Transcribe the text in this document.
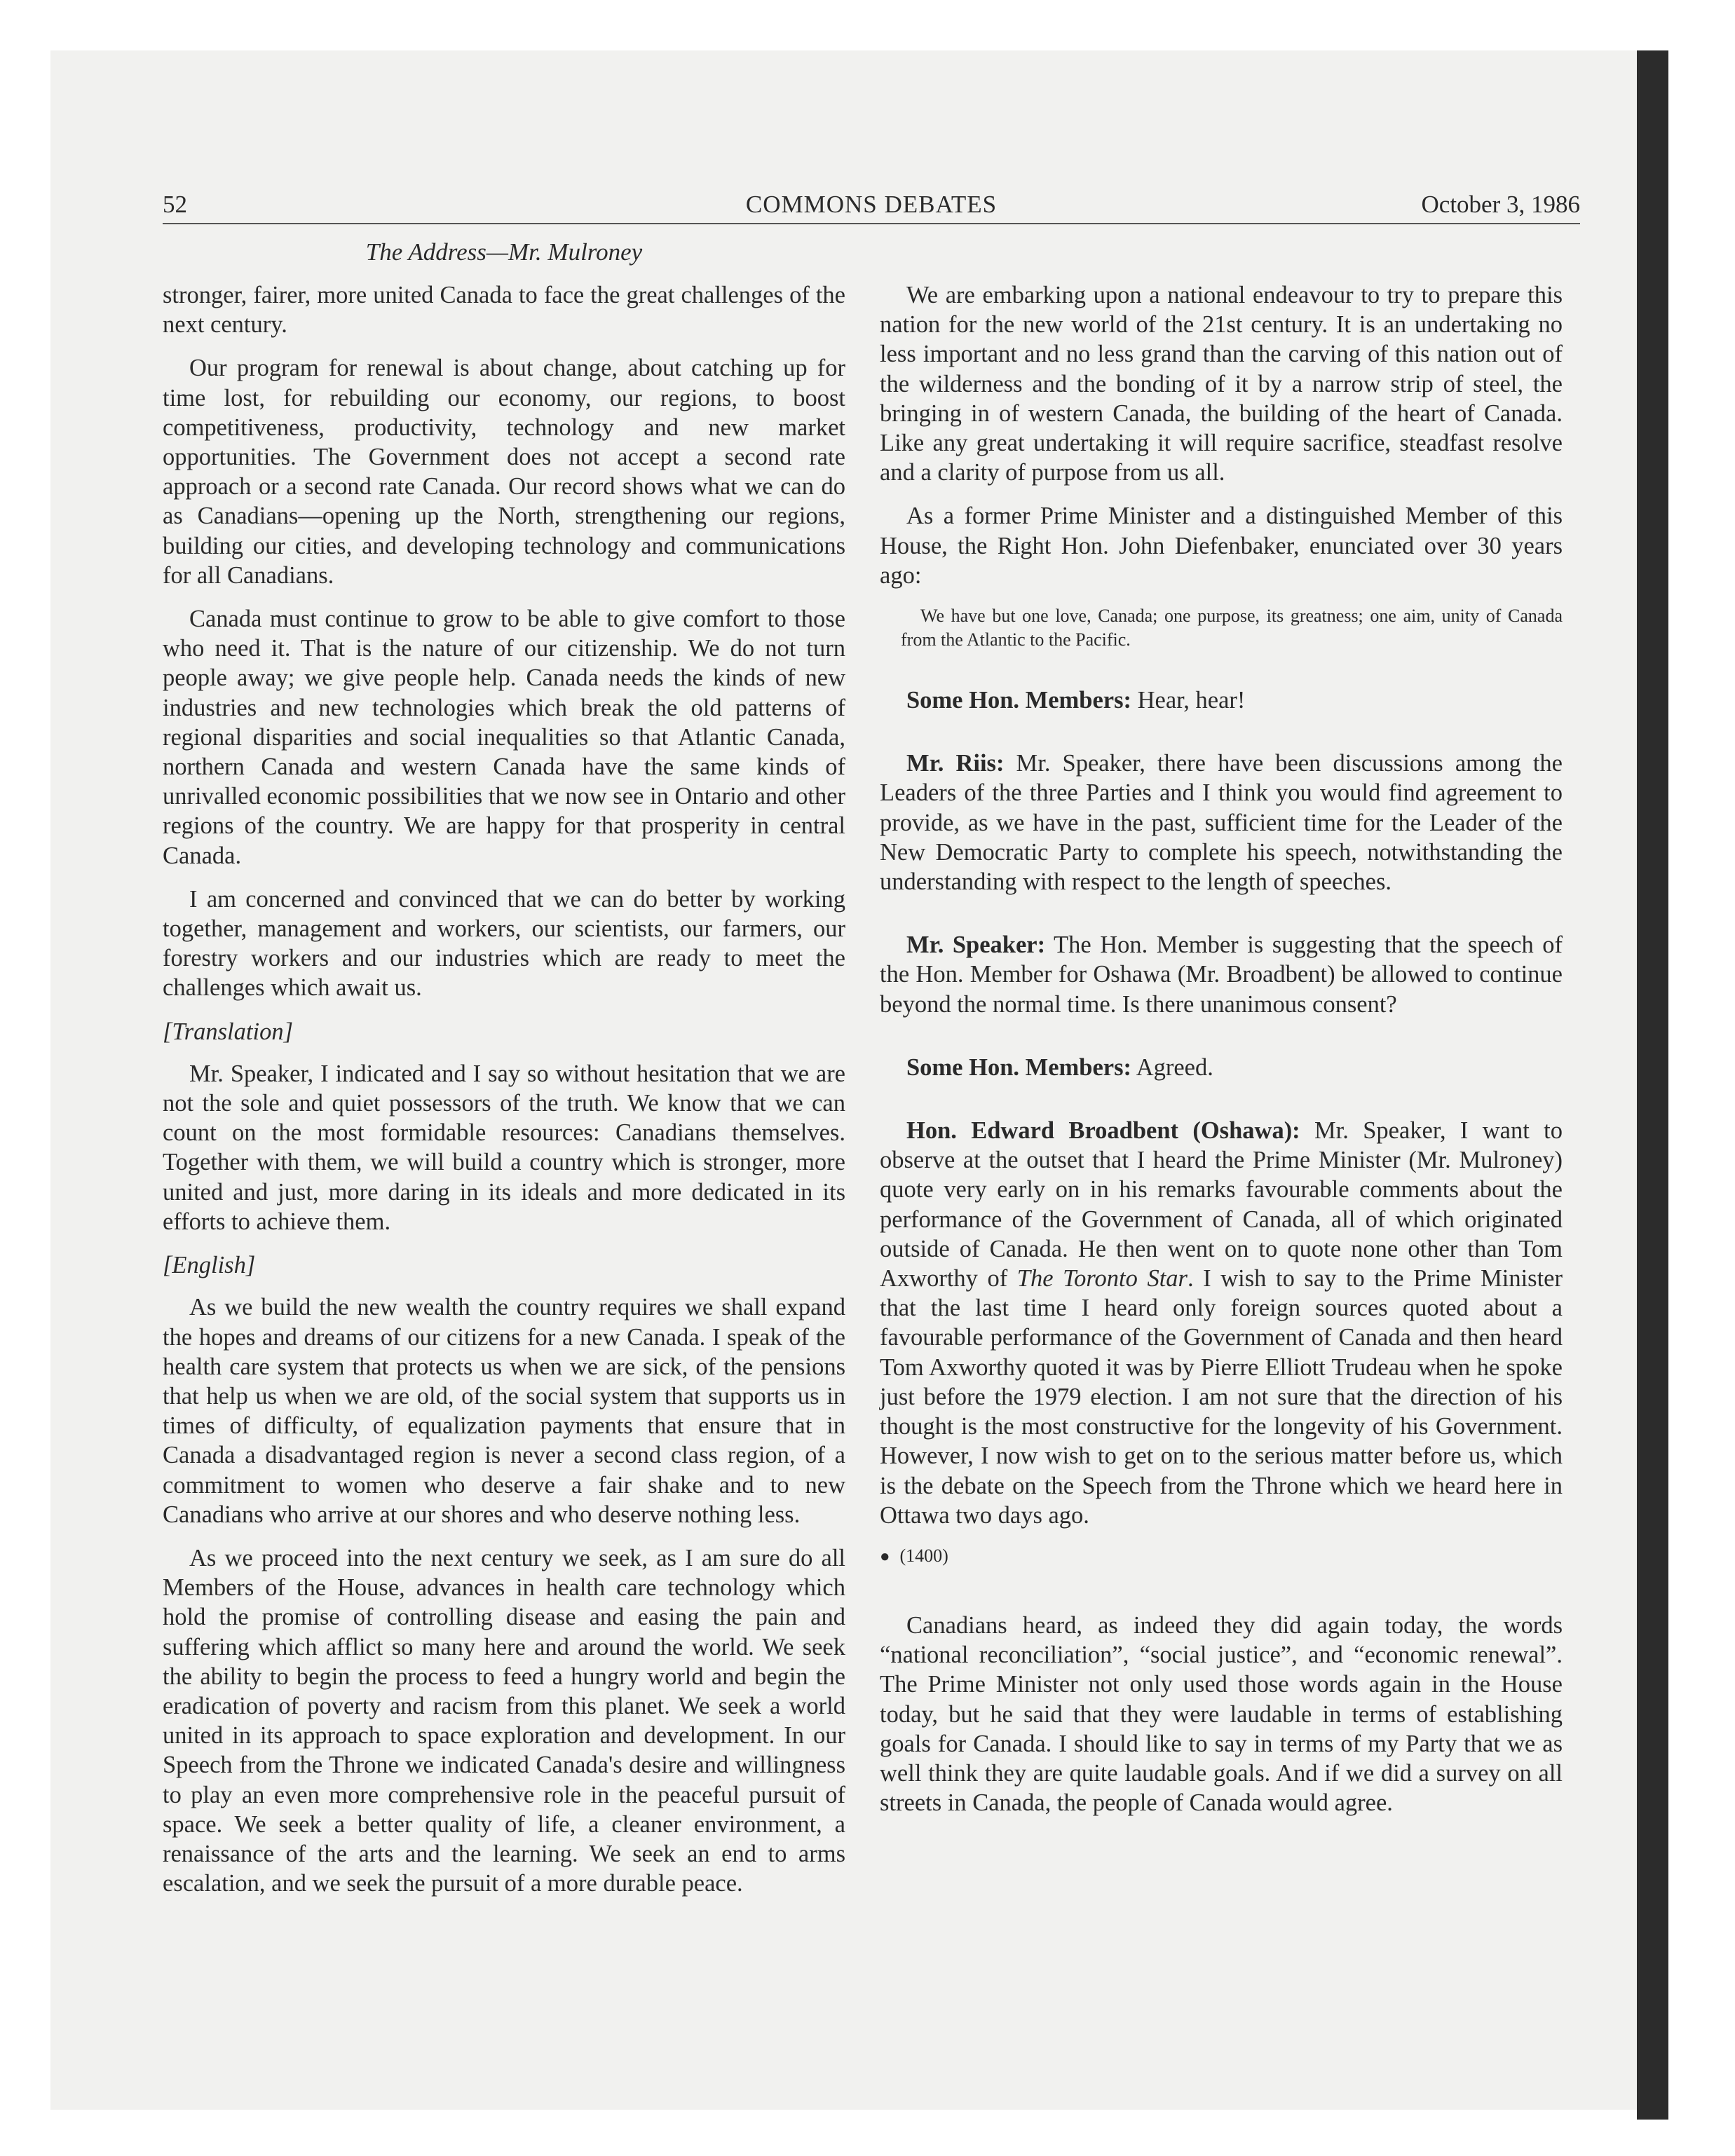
52	COMMONS DEBATES	October 3, 1986
The Address—Mr. Mulroney

stronger, fairer, more united Canada to face the great challenges of the next century.

Our program for renewal is about change, about catching up for time lost, for rebuilding our economy, our regions, to boost competitiveness, productivity, technology and new market opportunities. The Government does not accept a second rate approach or a second rate Canada. Our record shows what we can do as Canadians—opening up the North, strengthening our regions, building our cities, and developing technology and communications for all Canadians.

Canada must continue to grow to be able to give comfort to those who need it. That is the nature of our citizenship. We do not turn people away; we give people help. Canada needs the kinds of new industries and new technologies which break the old patterns of regional disparities and social inequalities so that Atlantic Canada, northern Canada and western Canada have the same kinds of unrivalled economic possibilities that we now see in Ontario and other regions of the country. We are happy for that prosperity in central Canada.

I am concerned and convinced that we can do better by working together, management and workers, our scientists, our farmers, our forestry workers and our industries which are ready to meet the challenges which await us.

[Translation]

Mr. Speaker, I indicated and I say so without hesitation that we are not the sole and quiet possessors of the truth. We know that we can count on the most formidable resources: Canadians themselves. Together with them, we will build a country which is stronger, more united and just, more daring in its ideals and more dedicated in its efforts to achieve them.

[English]

As we build the new wealth the country requires we shall expand the hopes and dreams of our citizens for a new Canada. I speak of the health care system that protects us when we are sick, of the pensions that help us when we are old, of the social system that supports us in times of difficulty, of equalization payments that ensure that in Canada a disadvantaged region is never a second class region, of a commitment to women who deserve a fair shake and to new Canadians who arrive at our shores and who deserve nothing less.

As we proceed into the next century we seek, as I am sure do all Members of the House, advances in health care technology which hold the promise of controlling disease and easing the pain and suffering which afflict so many here and around the world. We seek the ability to begin the process to feed a hungry world and begin the eradication of poverty and racism from this planet. We seek a world united in its approach to space exploration and development. In our Speech from the Throne we indicated Canada's desire and willingness to play an even more comprehensive role in the peaceful pursuit of space. We seek a better quality of life, a cleaner environment, a renaissance of the arts and the learning. We seek an end to arms escalation, and we seek the pursuit of a more durable peace.

We are embarking upon a national endeavour to try to prepare this nation for the new world of the 21st century. It is an undertaking no less important and no less grand than the carving of this nation out of the wilderness and the bonding of it by a narrow strip of steel, the bringing in of western Canada, the building of the heart of Canada. Like any great undertaking it will require sacrifice, steadfast resolve and a clarity of purpose from us all.

As a former Prime Minister and a distinguished Member of this House, the Right Hon. John Diefenbaker, enunciated over 30 years ago:

We have but one love, Canada; one purpose, its greatness; one aim, unity of Canada from the Atlantic to the Pacific.

Some Hon. Members: Hear, hear!

Mr. Riis: Mr. Speaker, there have been discussions among the Leaders of the three Parties and I think you would find agreement to provide, as we have in the past, sufficient time for the Leader of the New Democratic Party to complete his speech, notwithstanding the understanding with respect to the length of speeches.

Mr. Speaker: The Hon. Member is suggesting that the speech of the Hon. Member for Oshawa (Mr. Broadbent) be allowed to continue beyond the normal time. Is there unanimous consent?

Some Hon. Members: Agreed.

Hon. Edward Broadbent (Oshawa): Mr. Speaker, I want to observe at the outset that I heard the Prime Minister (Mr. Mulroney) quote very early on in his remarks favourable comments about the performance of the Government of Canada, all of which originated outside of Canada. He then went on to quote none other than Tom Axworthy of The Toronto Star. I wish to say to the Prime Minister that the last time I heard only foreign sources quoted about a favourable performance of the Government of Canada and then heard Tom Axworthy quoted it was by Pierre Elliott Trudeau when he spoke just before the 1979 election. I am not sure that the direction of his thought is the most constructive for the longevity of his Government. However, I now wish to get on to the serious matter before us, which is the debate on the Speech from the Throne which we heard here in Ottawa two days ago.

● (1400)

Canadians heard, as indeed they did again today, the words “national reconciliation”, “social justice”, and “economic renewal”. The Prime Minister not only used those words again in the House today, but he said that they were laudable in terms of establishing goals for Canada. I should like to say in terms of my Party that we as well think they are quite laudable goals. And if we did a survey on all streets in Canada, the people of Canada would agree.
